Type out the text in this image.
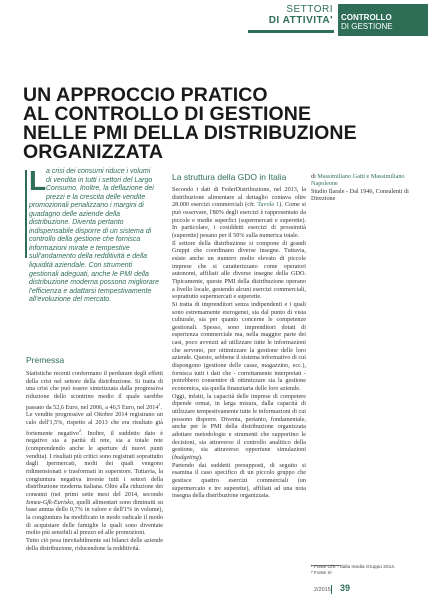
SETTORI
DI ATTIVITA'	CONTROLLO
DI GESTIONE
UN APPROCCIO PRATICO
AL CONTROLLO DI GESTIONE
NELLE PMI DELLA DISTRIBUZIONE
ORGANIZZATA
L a crisi dei consumi riduce i volumi
di vendita in tutti i settori del Largo
Consumo. Inoltre, la deflazione dei
prezzi e la crescita delle vendite
promozionali penalizzano i margini di guadagno delle aziende della distribuzione. Diventa pertanto indispensabile disporre di un sistema di controllo della gestione che fornisca informazioni mirate e tempestive sull'andamento della redditività e della liquidità aziendale. Con strumenti gestionali adeguati, anche le PMI della distribuzione moderna possono migliorare l'efficienza e adattarsi tempestivamente all'evoluzione del mercato.
Premessa

Statistiche recenti confermano il perdurare degli effetti della crisi nel settore della distribuzione. Si tratta di una crisi che può essere sintetizzata dalla progressiva riduzione dello scontrino medio il quale sarebbe passato da 52,6 Euro, nel 2006, a 46,5 Euro, nel 2014$^1$.

Le vendite progressive ad Ottobre 2014 registrano un calo dell'1,5%, rispetto al 2013 che era risultato già fortemente negativo$^2$. Inoltre, il suddetto dato è negativo sia a parità di rete, sia a totale rete (comprendendo anche le aperture di nuovi punti vendita). I risultati più critici sono registrati soprattutto dagli ipermercati, molti dei quali vengono ridimensionati e trasformati in superstore. Tuttavia, la congiuntura negativa investe tutti i settori della distribuzione moderna italiana. Oltre alla riduzione dei consumi (nei primi sette mesi del 2014, secondo Ismea-Gfk-Eurisko, quelli alimentari sono diminuiti su base annua dello 0,7% in valore e dell'1% in volume), la congiuntura ha modificato in modo radicale il modo di acquistare delle famiglie le quali sono diventate molto più sensibili al prezzo ed alle promozioni.

Tutto ciò pesa inevitabilmente sui bilanci delle aziende della distribuzione, riducendone la redditività.

La struttura della GDO in Italia

Secondo i dati di FederDistribuzione, nel 2013, la distribuzione alimentare al dettaglio contava oltre 28.000 esercizi commerciali (cfr. Tavola 1). Come si può osservare, l'80% degli esercizi è rappresentato da piccole e medie superfici (supermercati e superette). In particolare, i cosiddetti esercizi di prossimità (superette) pesano per il 50% sulla numerica totale.

Il settore della distribuzione si compone di grandi Gruppi che coordinano diverse insegne. Tuttavia, esiste anche un numero molto elevato di piccole imprese che si caratterizzano come operatori autonomi, affiliati alle diverse insegne della GDO. Tipicamente, queste PMI della distribuzione operano a livello locale, gestendo alcuni esercizi commerciali, soprattutto supermercati e superette.

Si tratta di imprenditori senza indipendenti e i quali sono estremamente eterogenei, sia dal punto di vista culturale, sia per quanto concerne le competenze gestionali. Spesso, sono imprenditori dotati di esperienza commerciale ma, nella maggior parte dei casi, poco avvezzi ad utilizzare tutte le informazioni che servono, per ottimizzare la gestione delle loro aziende. Questo, sebbene il sistema informativo di cui dispongono (gestione delle casse, magazzino, ecc.), fornisca tutti i dati che - correttamente interpretati - potrebbero consentire di ottimizzare sia la gestione economica, sia quella finanziaria delle loro aziende.

Oggi, infatti, la capacità delle imprese di competere dipende ormai, in larga misura, dalla capacità di utilizzare tempestivamente tutte le informazioni di cui possono disporre. Diventa, pertanto, fondamentale, anche per le PMI della distribuzione organizzata adottare metodologie e strumenti che supportino le decisioni, sia attraverso il controllo analitico della gestione, sia attraverso opportune simulazioni (budgeting).

Partendo dai suddetti presupposti, di seguito si esamina il caso specifico di un piccolo gruppo che gestisce quattro esercizi commerciali (un supermercato e tre superette), affiliati ad una nota insegna della distribuzione organizzata.

di Massimiliano Gatti e Massimiliano Napoleone
Studio Ilarale - Dal 1946, Consulenti di Direzione
¹ Fonte GfK - dalla media Gruppo 2014.
² Fonte Iri
2/2015 39
